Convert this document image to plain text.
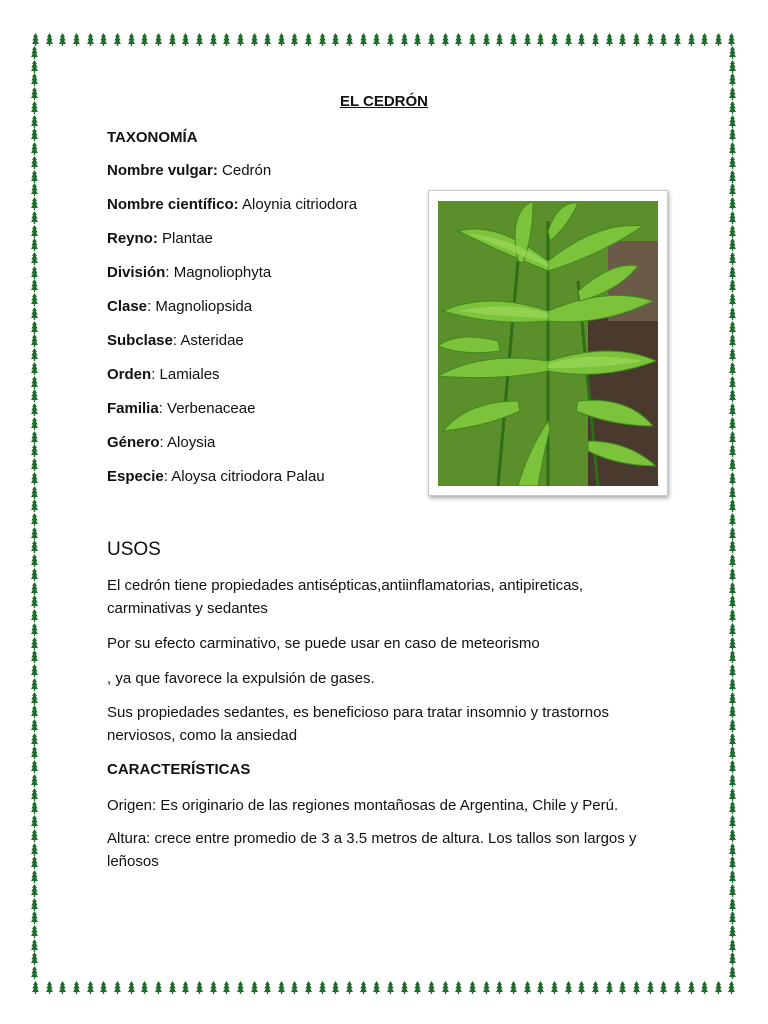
EL CEDRÓN
TAXONOMÍA
Nombre vulgar: Cedrón
Nombre científico: Aloynia citriodora
Reyno: Plantae
División: Magnoliophyta
Clase: Magnoliopsida
Subclase: Asteridae
Orden: Lamiales
Familia: Verbenaceae
Género: Aloysia
Especie: Aloysa citriodora Palau
USOS
El cedrón tiene propiedades antisépticas,antiinflamatorias, antipireticas, carminativas y sedantes
Por su efecto carminativo, se puede usar en caso de meteorismo
, ya que favorece la expulsión de gases.
Sus propiedades sedantes, es beneficioso para tratar insomnio y trastornos nerviosos, como la ansiedad
CARACTERÍSTICAS
Origen: Es originario de las regiones montañosas de Argentina, Chile y Perú.
Altura: crece entre promedio de 3 a 3.5 metros de altura. Los tallos son largos y leñosos
